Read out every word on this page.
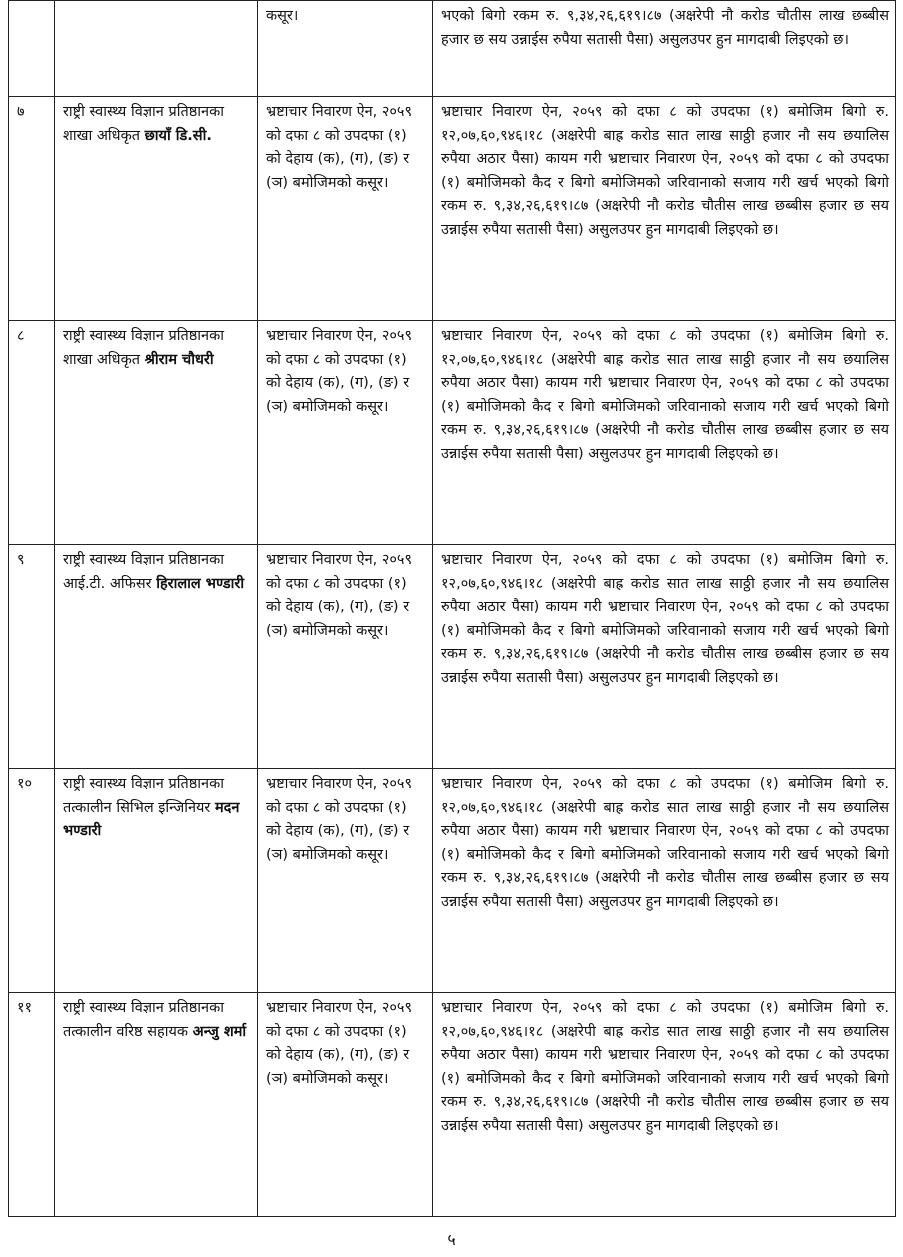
		कसूर।	भएको बिगो रकम रु. ९,३४,२६,६१९।८७ (अक्षरेपी नौ करोड चौतीस लाख छब्बीस हजार छ सय उन्नाईस रुपैया सतासी पैसा) असुलउपर हुन मागदाबी लिइएको छ।
७	राष्ट्री स्वास्थ्य विज्ञान प्रतिष्ठानका शाखा अधिकृत छायाँ डि.सी.	भ्रष्टाचार निवारण ऐन, २०५९ को दफा ८ को उपदफा (१) को देहाय (क), (ग), (ङ) र (ञ) बमोजिमको कसूर।	भ्रष्टाचार निवारण ऐन, २०५९ को दफा ८ को उपदफा (१) बमोजिम बिगो रु. १२,०७,६०,९४६।१८ (अक्षरेपी बाह्र करोड सात लाख साठ्ठी हजार नौ सय छयालिस रुपैया अठार पैसा) कायम गरी भ्रष्टाचार निवारण ऐन, २०५९ को दफा ८ को उपदफा (१) बमोजिमको कैद र बिगो बमोजिमको जरिवानाको सजाय गरी खर्च भएको बिगो रकम रु. ९,३४,२६,६१९।८७ (अक्षरेपी नौ करोड चौतीस लाख छब्बीस हजार छ सय उन्नाईस रुपैया सतासी पैसा) असुलउपर हुन मागदाबी लिइएको छ।
८	राष्ट्री स्वास्थ्य विज्ञान प्रतिष्ठानका शाखा अधिकृत श्रीराम चौधरी	भ्रष्टाचार निवारण ऐन, २०५९ को दफा ८ को उपदफा (१) को देहाय (क), (ग), (ङ) र (ञ) बमोजिमको कसूर।	भ्रष्टाचार निवारण ऐन, २०५९ को दफा ८ को उपदफा (१) बमोजिम बिगो रु. १२,०७,६०,९४६।१८ (अक्षरेपी बाह्र करोड सात लाख साठ्ठी हजार नौ सय छयालिस रुपैया अठार पैसा) कायम गरी भ्रष्टाचार निवारण ऐन, २०५९ को दफा ८ को उपदफा (१) बमोजिमको कैद र बिगो बमोजिमको जरिवानाको सजाय गरी खर्च भएको बिगो रकम रु. ९,३४,२६,६१९।८७ (अक्षरेपी नौ करोड चौतीस लाख छब्बीस हजार छ सय उन्नाईस रुपैया सतासी पैसा) असुलउपर हुन मागदाबी लिइएको छ।
९	राष्ट्री स्वास्थ्य विज्ञान प्रतिष्ठानका आई.टी. अफिसर हिरालाल भण्डारी	भ्रष्टाचार निवारण ऐन, २०५९ को दफा ८ को उपदफा (१) को देहाय (क), (ग), (ङ) र (ञ) बमोजिमको कसूर।	भ्रष्टाचार निवारण ऐन, २०५९ को दफा ८ को उपदफा (१) बमोजिम बिगो रु. १२,०७,६०,९४६।१८ (अक्षरेपी बाह्र करोड सात लाख साठ्ठी हजार नौ सय छयालिस रुपैया अठार पैसा) कायम गरी भ्रष्टाचार निवारण ऐन, २०५९ को दफा ८ को उपदफा (१) बमोजिमको कैद र बिगो बमोजिमको जरिवानाको सजाय गरी खर्च भएको बिगो रकम रु. ९,३४,२६,६१९।८७ (अक्षरेपी नौ करोड चौतीस लाख छब्बीस हजार छ सय उन्नाईस रुपैया सतासी पैसा) असुलउपर हुन मागदाबी लिइएको छ।
१०	राष्ट्री स्वास्थ्य विज्ञान प्रतिष्ठानका तत्कालीन सिभिल इन्जिनियर मदन भण्डारी	भ्रष्टाचार निवारण ऐन, २०५९ को दफा ८ को उपदफा (१) को देहाय (क), (ग), (ङ) र (ञ) बमोजिमको कसूर।	भ्रष्टाचार निवारण ऐन, २०५९ को दफा ८ को उपदफा (१) बमोजिम बिगो रु. १२,०७,६०,९४६।१८ (अक्षरेपी बाह्र करोड सात लाख साठ्ठी हजार नौ सय छयालिस रुपैया अठार पैसा) कायम गरी भ्रष्टाचार निवारण ऐन, २०५९ को दफा ८ को उपदफा (१) बमोजिमको कैद र बिगो बमोजिमको जरिवानाको सजाय गरी खर्च भएको बिगो रकम रु. ९,३४,२६,६१९।८७ (अक्षरेपी नौ करोड चौतीस लाख छब्बीस हजार छ सय उन्नाईस रुपैया सतासी पैसा) असुलउपर हुन मागदाबी लिइएको छ।
११	राष्ट्री स्वास्थ्य विज्ञान प्रतिष्ठानका तत्कालीन वरिष्ठ सहायक अन्जु शर्मा	भ्रष्टाचार निवारण ऐन, २०५९ को दफा ८ को उपदफा (१) को देहाय (क), (ग), (ङ) र (ञ) बमोजिमको कसूर।	भ्रष्टाचार निवारण ऐन, २०५९ को दफा ८ को उपदफा (१) बमोजिम बिगो रु. १२,०७,६०,९४६।१८ (अक्षरेपी बाह्र करोड सात लाख साठ्ठी हजार नौ सय छयालिस रुपैया अठार पैसा) कायम गरी भ्रष्टाचार निवारण ऐन, २०५९ को दफा ८ को उपदफा (१) बमोजिमको कैद र बिगो बमोजिमको जरिवानाको सजाय गरी खर्च भएको बिगो रकम रु. ९,३४,२६,६१९।८७ (अक्षरेपी नौ करोड चौतीस लाख छब्बीस हजार छ सय उन्नाईस रुपैया सतासी पैसा) असुलउपर हुन मागदाबी लिइएको छ।
५
